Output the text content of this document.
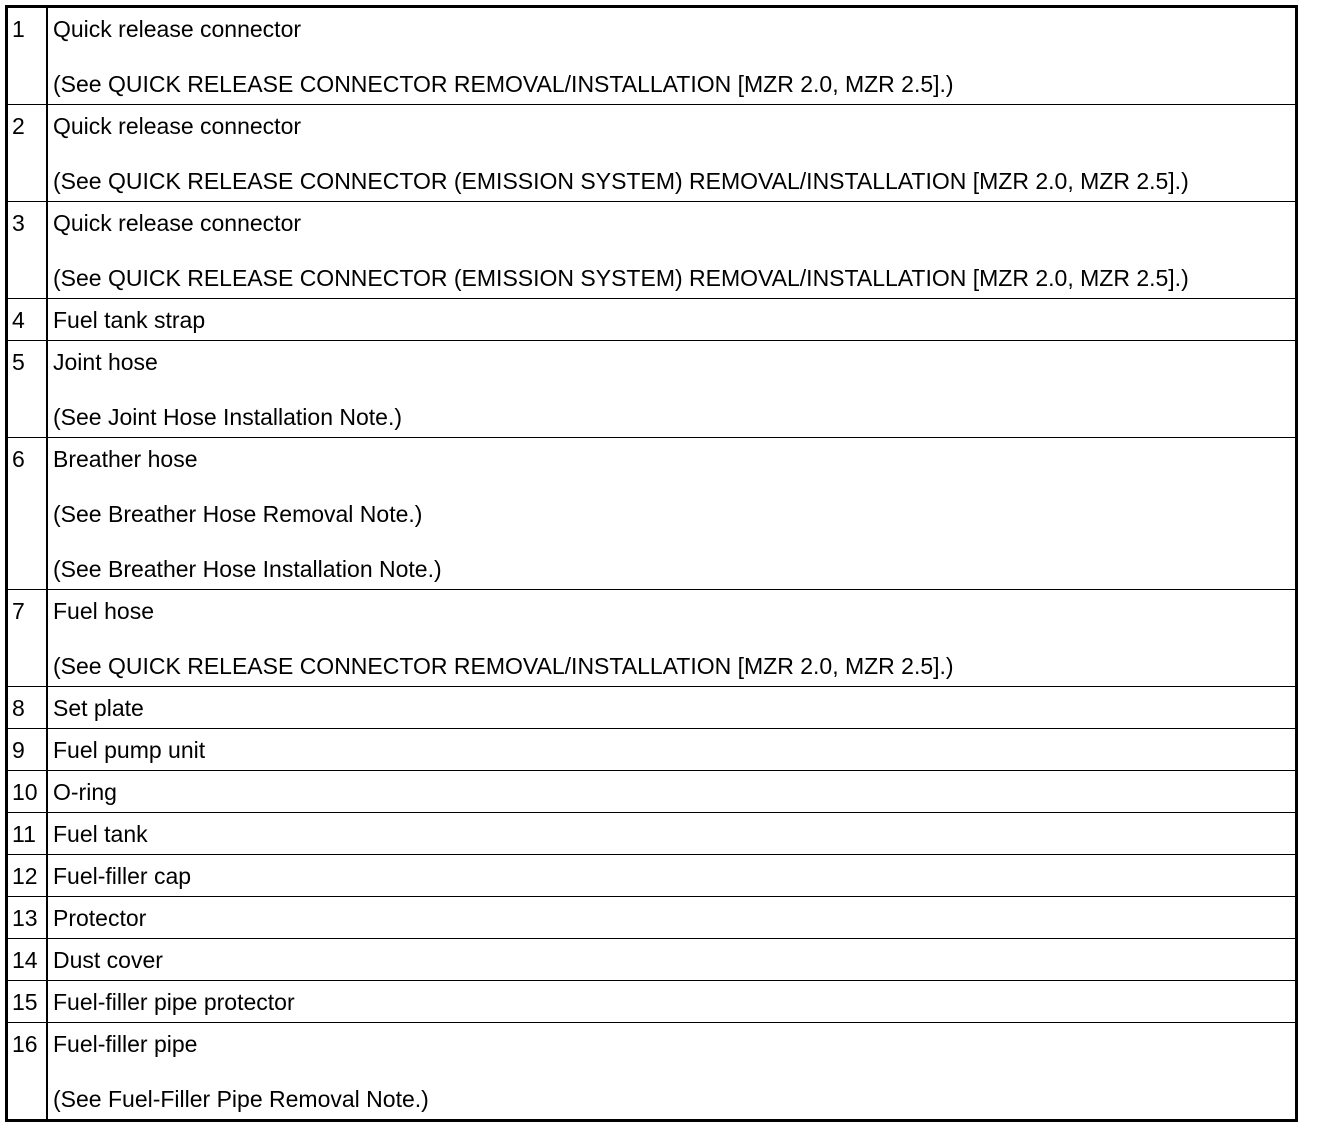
1	Quick release connector

(See QUICK RELEASE CONNECTOR REMOVAL/INSTALLATION [MZR 2.0, MZR 2.5].)

2	Quick release connector

(See QUICK RELEASE CONNECTOR (EMISSION SYSTEM) REMOVAL/INSTALLATION [MZR 2.0, MZR 2.5].)

3	Quick release connector

(See QUICK RELEASE CONNECTOR (EMISSION SYSTEM) REMOVAL/INSTALLATION [MZR 2.0, MZR 2.5].)

4	Fuel tank strap

5	Joint hose

(See Joint Hose Installation Note.)

6	Breather hose

(See Breather Hose Removal Note.)

(See Breather Hose Installation Note.)

7	Fuel hose

(See QUICK RELEASE CONNECTOR REMOVAL/INSTALLATION [MZR 2.0, MZR 2.5].)

8	Set plate

9	Fuel pump unit

10	O-ring

11	Fuel tank

12	Fuel-filler cap

13	Protector

14	Dust cover

15	Fuel-filler pipe protector

16	Fuel-filler pipe

(See Fuel-Filler Pipe Removal Note.)
